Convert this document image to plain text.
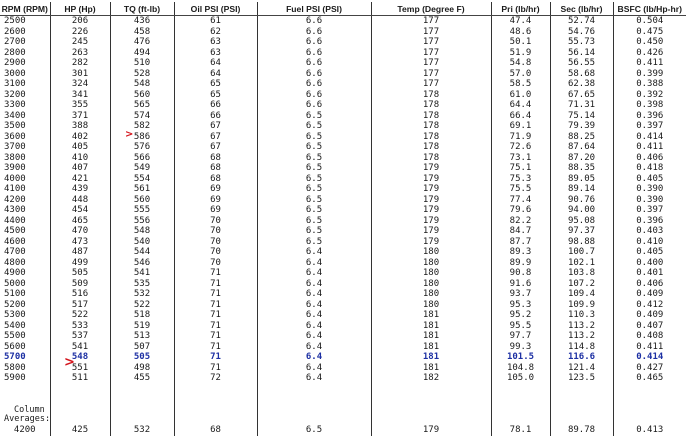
RPM (RPM)	HP (Hp)	TQ (ft-lb)	Oil PSI (PSI)	Fuel PSI (PSI)	Temp (Degree F)	Pri (lb/hr)	Sec (lb/hr)	BSFC (lb/Hp-hr)
2500	206	436	61	6.6	177	47.4	52.74	0.504
2600	226	458	62	6.6	177	48.6	54.76	0.475
2700	245	476	63	6.6	177	50.1	55.73	0.450
2800	263	494	63	6.6	177	51.9	56.14	0.426
2900	282	510	64	6.6	177	54.8	56.55	0.411
3000	301	528	64	6.6	177	57.0	58.68	0.399
3100	324	548	65	6.6	177	58.5	62.38	0.388
3200	341	560	65	6.6	178	61.0	67.65	0.392
3300	355	565	66	6.6	178	64.4	71.31	0.398
3400	371	574	66	6.5	178	66.4	75.14	0.396
3500	388	582	67	6.5	178	69.1	79.39	0.397
3600	402	586	67	6.5	178	71.9	88.25	0.414
3700	405	576	67	6.5	178	72.6	87.64	0.411
3800	410	566	68	6.5	178	73.1	87.20	0.406
3900	407	549	68	6.5	179	75.1	88.35	0.418
4000	421	554	68	6.5	179	75.3	89.05	0.405
4100	439	561	69	6.5	179	75.5	89.14	0.390
4200	448	560	69	6.5	179	77.4	90.76	0.390
4300	454	555	69	6.5	179	79.6	94.00	0.397
4400	465	556	70	6.5	179	82.2	95.08	0.396
4500	470	548	70	6.5	179	84.7	97.37	0.403
4600	473	540	70	6.5	179	87.7	98.88	0.410
4700	487	544	70	6.4	180	89.3	100.7	0.405
4800	499	546	70	6.4	180	89.9	102.1	0.400
4900	505	541	71	6.4	180	90.8	103.8	0.401
5000	509	535	71	6.4	180	91.6	107.2	0.406
5100	516	532	71	6.4	180	93.7	109.4	0.409
5200	517	522	71	6.4	180	95.3	109.9	0.412
5300	522	518	71	6.4	181	95.2	110.3	0.409
5400	533	519	71	6.4	181	95.5	113.2	0.407
5500	537	513	71	6.4	181	97.7	113.2	0.408
5600	541	507	71	6.4	181	99.3	114.8	0.411
5700	548	505	71	6.4	181	101.5	116.6	0.414
5800	551	498	71	6.4	181	104.8	121.4	0.427
5900	511	455	72	6.4	182	105.0	123.5	0.465

Column
Averages:								

4200	425	532	68	6.5	179	78.1	89.78	0.413
>
>
